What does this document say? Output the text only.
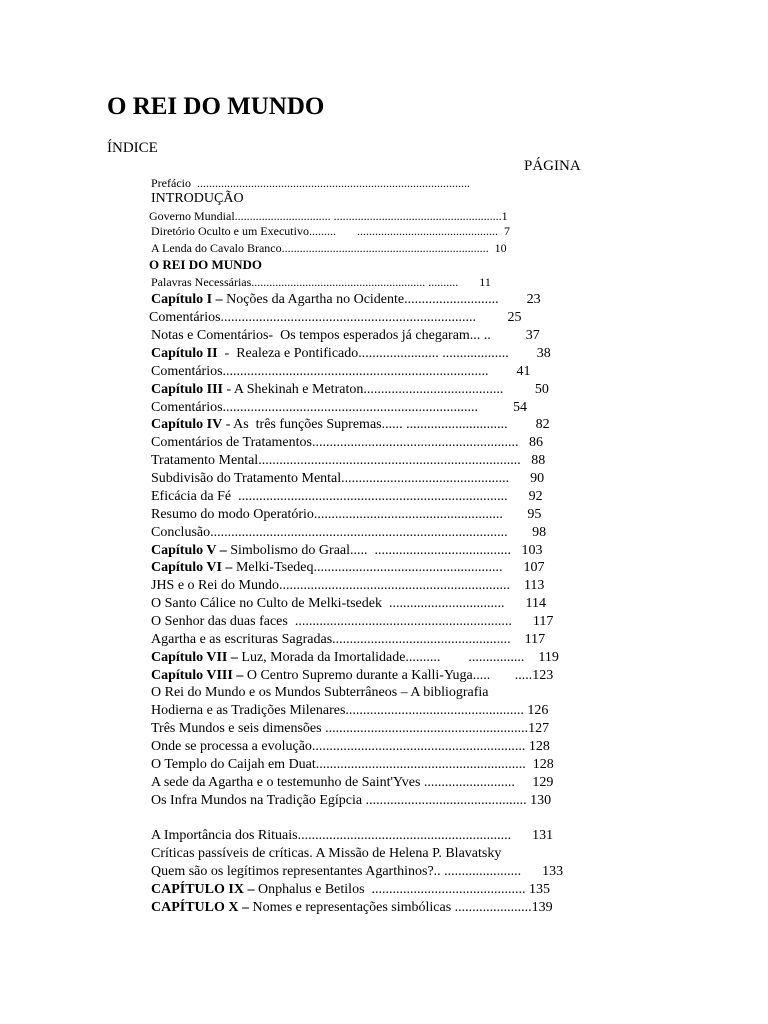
O REI DO MUNDO
ÍNDICE
PÁGINA
Prefácio  ...........................................................................................
INTRODUÇÃO
Governo Mundial................................ ........................................................1
Diretório Oculto e um Executivo.........       ...............................................  7
A Lenda do Cavalo Branco.....................................................................  10
O REI DO MUNDO
Palavras Necessárias.......................................................... ..........       11
Capítulo I – Noções da Agartha no Ocidente...........................        23
Comentários.........................................................................         25
Notas e Comentários-  Os tempos esperados já chegaram... ..          37
Capítulo II  -  Realeza e Pontificado....................... ...................        38
Comentários............................................................................        41
Capítulo III - A Shekinah e Metraton........................................         50
Comentários.........................................................................          54
Capítulo IV - As  três funções Supremas...... .............................        82
Comentários de Tratamentos...........................................................   86
Tratamento Mental...........................................................................   88
Subdivisão do Tratamento Mental................................................      90
Eficácia da Fé  .............................................................................      92
Resumo do modo Operatório......................................................       95
Conclusão.....................................................................................       98
Capítulo V – Simbolismo do Graal.....  .......................................   103
Capítulo VI – Melki-Tsedeq......................................................      107
JHS e o Rei do Mundo..................................................................    113
O Santo Cálice no Culto de Melki-tsedek  .................................      114
O Senhor das duas faces  ..............................................................      117
Agartha e as escrituras Sagradas...................................................    117
Capítulo VII – Luz, Morada da Imortalidade..........        ................    119
Capítulo VIII – O Centro Supremo durante a Kalli-Yuga.....       .....123
O Rei do Mundo e os Mundos Subterrâneos – A bibliografia
Hodierna e as Tradições Milenares................................................... 126
Três Mundos e seis dimensões ..........................................................127
Onde se processa a evolução............................................................. 128
O Templo do Caijah em Duat............................................................  128
A sede da Agartha e o testemunho de Saint'Yves ..........................     129
Os Infra Mundos na Tradição Egípcia .............................................. 130
A Importância dos Rituais.............................................................      131
Críticas passíveis de críticas. A Missão de Helena P. Blavatsky
Quem são os legítimos representantes Agarthinos?.. ......................      133
CAPÍTULO IX – Onphalus e Betilos  ............................................ 135
CAPÍTULO X – Nomes e representações simbólicas ......................139
